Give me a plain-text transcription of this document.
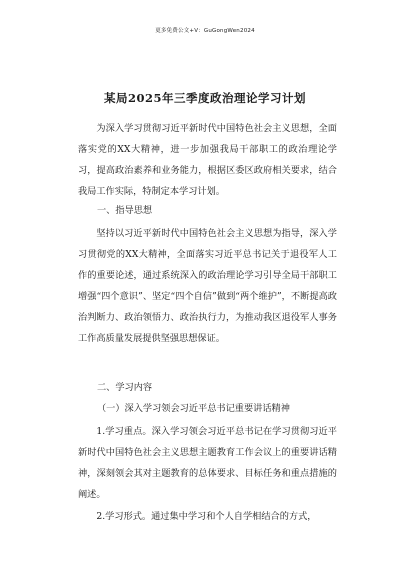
更多免费公文+V：GuGongWen2024
某局2025年三季度政治理论学习计划

为深入学习贯彻习近平新时代中国特色社会主义思想，全面落实党的XX大精神，进一步加强我局干部职工的政治理论学习，提高政治素养和业务能力，根据区委区政府相关要求，结合我局工作实际，特制定本学习计划。

一、指导思想

坚持以习近平新时代中国特色社会主义思想为指导，深入学习贯彻党的XX大精神，全面落实习近平总书记关于退役军人工作的重要论述，通过系统深入的政治理论学习引导全局干部职工增强“四个意识”、坚定“四个自信”做到“两个维护”，不断提高政治判断力、政治领悟力、政治执行力，为推动我区退役军人事务工作高质量发展提供坚强思想保证。

二、学习内容

（一）深入学习领会习近平总书记重要讲话精神

1.学习重点。深入学习领会习近平总书记在学习贯彻习近平新时代中国特色社会主义思想主题教育工作会议上的重要讲话精神，深刻领会其对主题教育的总体要求、目标任务和重点措施的阐述。

2.学习形式。通过集中学习和个人自学相结合的方式，
